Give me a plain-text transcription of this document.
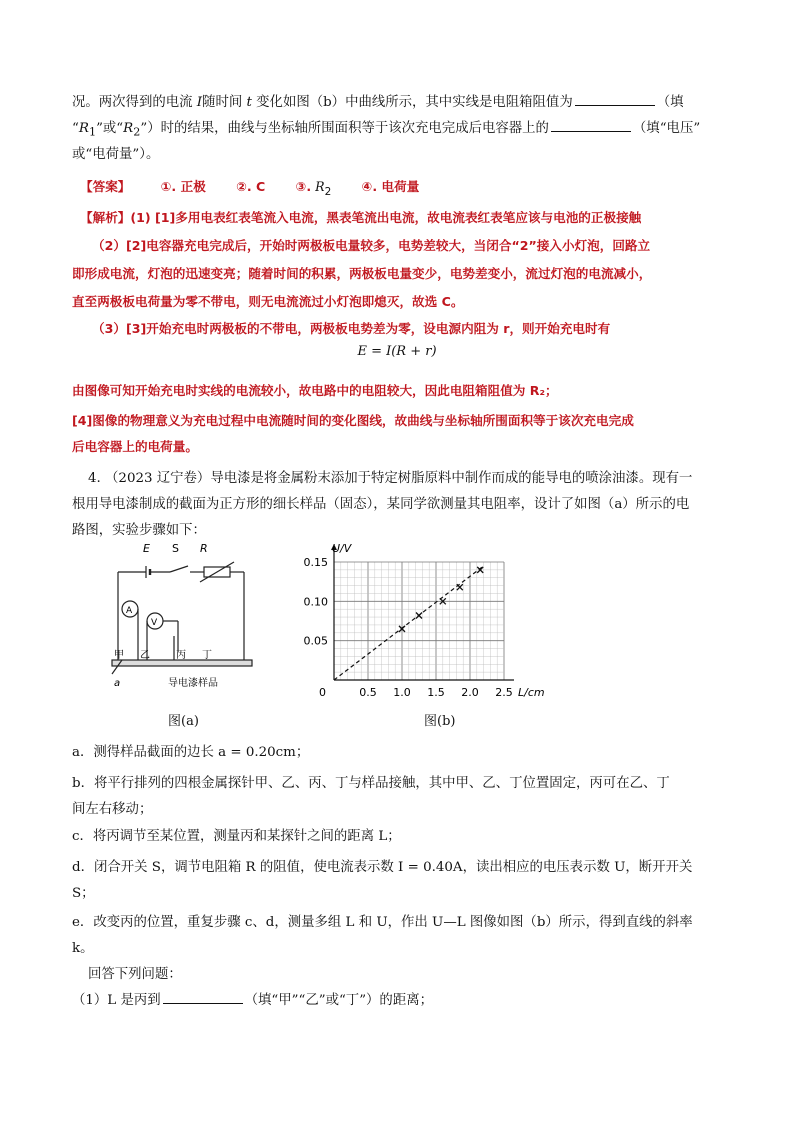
况。两次得到的电流 I随时间 t 变化如图（b）中曲线所示，其中实线是电阻箱阻值为	（填

“$R_1$”或“$R_2$”）时的结果，曲线与坐标轴所围面积等于该次充电完成后电容器上的	（填“电压”

或“电荷量”）。

【答案】 ①. 正极 ②. C ③. $R_2$ ④. 电荷量

【解析】(1) [1]多用电表红表笔流入电流，黑表笔流出电流，故电流表红表笔应该与电池的正极接触

（2）[2]电容器充电完成后，开始时两极板电量较多，电势差较大，当闭合“2”接入小灯泡，回路立

即形成电流，灯泡的迅速变亮；随着时间的积累，两极板电量变少，电势差变小，流过灯泡的电流减小，

直至两极板电荷量为零不带电，则无电流流过小灯泡即熄灭，故选 C。

（3）[3]开始充电时两极板的不带电，两极板电势差为零，设电源内阻为 r，则开始充电时有

E = I(R + r)

由图像可知开始充电时实线的电流较小，故电路中的电阻较大，因此电阻箱阻值为 R₂；

[4]图像的物理意义为充电过程中电流随时间的变化图线，故曲线与坐标轴所围面积等于该次充电完成

后电容器上的电荷量。

4. （2023 辽宁卷）导电漆是将金属粉末添加于特定树脂原料中制作而成的能导电的喷涂油漆。现有一

根用导电漆制成的截面为正方形的细长样品（固态），某同学欲测量其电阻率，设计了如图（a）所示的电

路图，实验步骤如下：

E S R
A
V
甲 乙	丙 丁
a	导电漆样品
图(a)
0.5 1.0 1.5 2.0 2.5
0.05
0.10
0.15
0	L/cm
U/V
图(b)

a．测得样品截面的边长 a = 0.20cm；

b．将平行排列的四根金属探针甲、乙、丙、丁与样品接触，其中甲、乙、丁位置固定，丙可在乙、丁

间左右移动；

c．将丙调节至某位置，测量丙和某探针之间的距离 L；

d．闭合开关 S，调节电阻箱 R 的阻值，使电流表示数 I = 0.40A，读出相应的电压表示数 U，断开开关

S；

e．改变丙的位置，重复步骤 c、d，测量多组 L 和 U，作出 U—L 图像如图（b）所示，得到直线的斜率

k。

回答下列问题：

（1）L 是丙到	（填“甲”“乙”或“丁”）的距离；
